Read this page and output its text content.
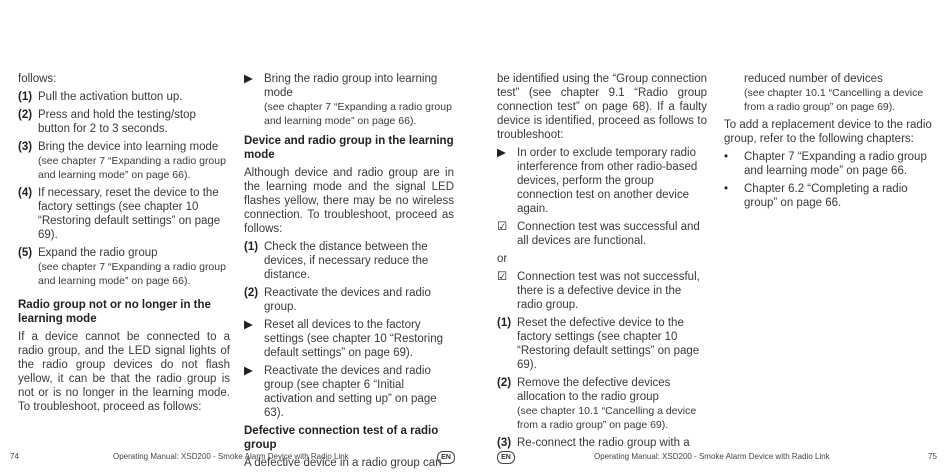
follows:

(1) Pull the activation button up.
(2) Press and hold the testing/stop button for 2 to 3 seconds.
(3) Bring the device into learning mode
(see chapter 7 “Expanding a radio group and learning mode” on page 66).
(4) If necessary, reset the device to the factory settings (see chapter 10 “Restoring default settings” on page 69).
(5) Expand the radio group
(see chapter 7 “Expanding a radio group and learning mode” on page 66).
Radio group not or no longer in the learning mode

If a device cannot be connected to a radio group, and the LED signal lights of the radio group devices do not flash yellow, it can be that the radio group is not or is no longer in the learning mode. To troubleshoot, proceed as follows:

▶ Bring the radio group into learning mode
(see chapter 7 “Expanding a radio group and learning mode” on page 66).
Device and radio group in the learning mode

Although device and radio group are in the learning mode and the signal LED flashes yellow, there may be no wireless connection. To troubleshoot, proceed as follows:

(1) Check the distance between the devices, if necessary reduce the distance.
(2) Reactivate the devices and radio group.
▶ Reset all devices to the factory settings (see chapter 10 “Restoring default settings” on page 69).
▶ Reactivate the devices and radio group (see chapter 6 “Initial activation and setting up” on page 63).
Defective connection test of a radio group

A defective device in a radio group can

be identified using the “Group connection test” (see chapter 9.1 “Radio group connection test” on page 68). If a faulty device is identified, proceed as follows to troubleshoot:

▶ In order to exclude temporary radio interference from other radio-based devices, perform the group connection test on another device again.
☑ Connection test was successful and all devices are functional.

or

☑ Connection test was not successful, there is a defective device in the radio group.
(1) Reset the defective device to the factory settings (see chapter 10 “Restoring default settings” on page 69).
(2) Remove the defective devices allocation to the radio group
(see chapter 10.1 “Cancelling a device from a radio group” on page 69).
(3) Re-connect the radio group with a
reduced number of devices
(see chapter 10.1 “Cancelling a device from a radio group” on page 69).

To add a replacement device to the radio group, refer to the following chapters:

•	Chapter 7 “Expanding a radio group and learning mode” on page 66.
•	Chapter 6.2 “Completing a radio group” on page 66.
74	Operating Manual: XSD200 - Smoke Alarm Device with Radio Link	EN	EN	Operating Manual: XSD200 - Smoke Alarm Device with Radio Link	75
